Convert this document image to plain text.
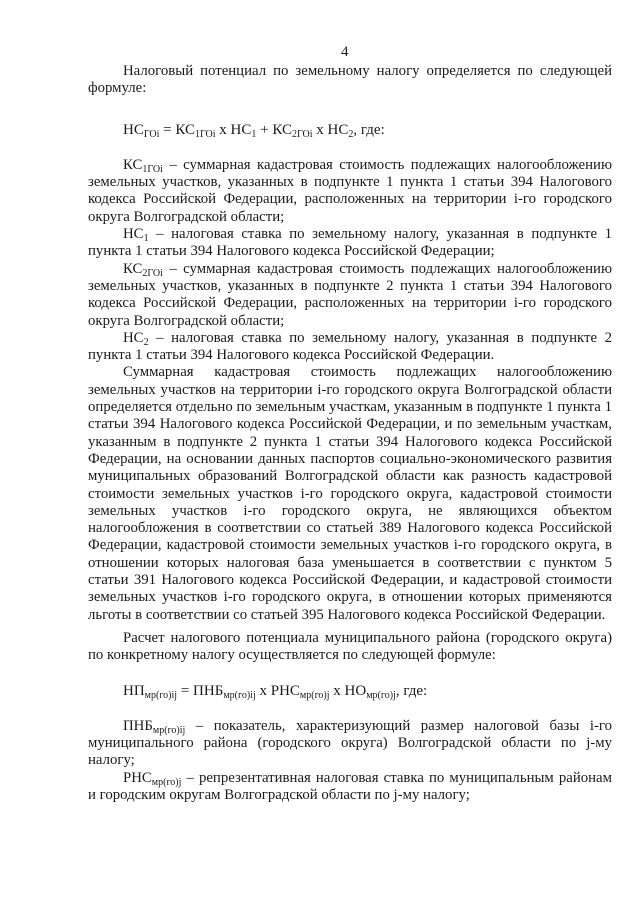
4

Налоговый потенциал по земельному налогу определяется по следующей формуле:

$НС_{ГОi} = КС_{1ГОi}$ х $НС_1 + КС_{2ГОi}$ х $НС_2$, где:

$КС_{1ГОi}$ – суммарная кадастровая стоимость подлежащих налогообложению земельных участков, указанных в подпункте 1 пункта 1 статьи 394 Налогового кодекса Российской Федерации, расположенных на территории i-го городского округа Волгоградской области;

$НС_1$ – налоговая ставка по земельному налогу, указанная в подпункте 1 пункта 1 статьи 394 Налогового кодекса Российской Федерации;

$КС_{2ГОi}$ – суммарная кадастровая стоимость подлежащих налогообложению земельных участков, указанных в подпункте 2 пункта 1 статьи 394 Налогового кодекса Российской Федерации, расположенных на территории i-го городского округа Волгоградской области;

$НС_2$ – налоговая ставка по земельному налогу, указанная в подпункте 2 пункта 1 статьи 394 Налогового кодекса Российской Федерации.

Суммарная кадастровая стоимость подлежащих налогообложению земельных участков на территории i-го городского округа Волгоградской области определяется отдельно по земельным участкам, указанным в подпункте 1 пункта 1 статьи 394 Налогового кодекса Российской Федерации, и по земельным участкам, указанным в подпункте 2 пункта 1 статьи 394 Налогового кодекса Российской Федерации, на основании данных паспортов социально-экономического развития муниципальных образований Волгоградской области как разность кадастровой стоимости земельных участков i-го городского округа, кадастровой стоимости земельных участков i-го городского округа, не являющихся объектом налогообложения в соответствии со статьей 389 Налогового кодекса Российской Федерации, кадастровой стоимости земельных участков i-го городского округа, в отношении которых налоговая база уменьшается в соответствии с пунктом 5 статьи 391 Налогового кодекса Российской Федерации, и кадастровой стоимости земельных участков i-го городского округа, в отношении которых применяются льготы в соответствии со статьей 395 Налогового кодекса Российской Федерации.

Расчет налогового потенциала муниципального района (городского округа) по конкретному налогу осуществляется по следующей формуле:

$НП_{мр(го)ij} = ПНБ_{мр(го)ij}$ х $РНС_{мр(го)j}$ х $НО_{мр(го)j}$, где:

$ПНБ_{мр(го)ij}$ – показатель, характеризующий размер налоговой базы i-го муниципального района (городского округа) Волгоградской области по j-му налогу;

$РНС_{мр(го)j}$ – репрезентативная налоговая ставка по муниципальным районам и городским округам Волгоградской области по j-му налогу;
